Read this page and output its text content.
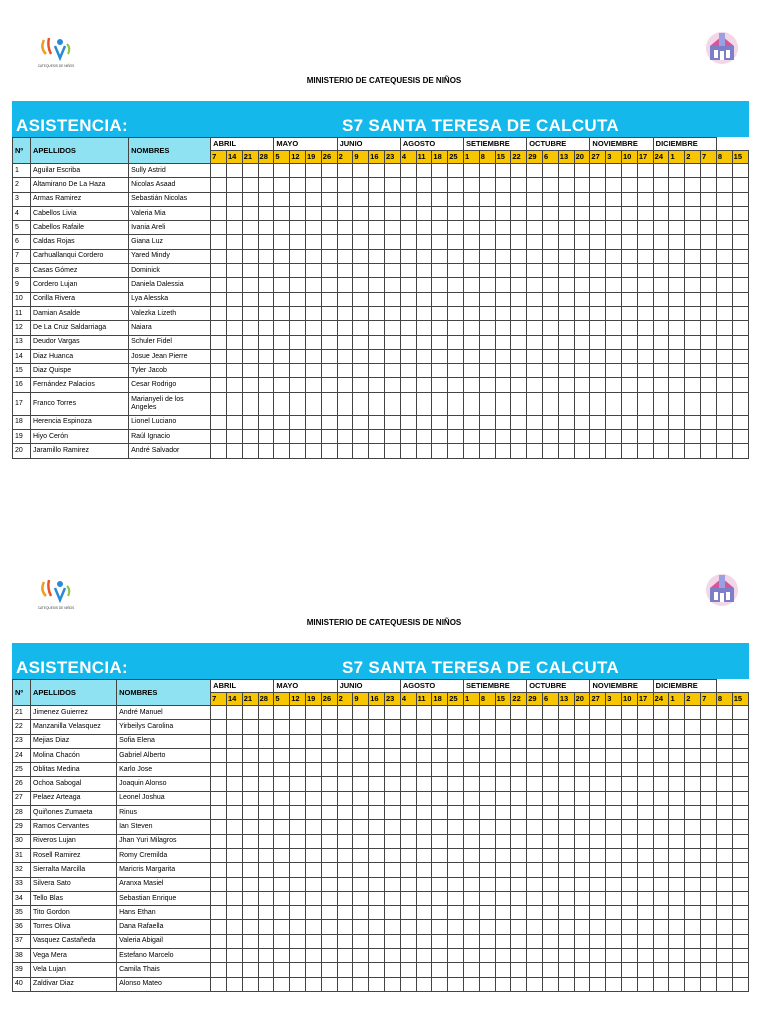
CATEQUESIS DE NIÑOS
MINISTERIO DE CATEQUESIS DE NIÑOS
ASISTENCIA:	S7 SANTA TERESA DE CALCUTA
Nº	APELLIDOS	NOMBRES	ABRIL				MAYO				JUNIO				AGOSTO				SETIEMBRE				OCTUBRE				NOVIEMBRE				DICIEMBRE					
			7	14	21	28	5	12	19	26	2	9	16	23	4	11	18	25	1	8	15	22	29	6	13	20	27	3	10	17	24	1	2	7	8	15
1	Aguilar Escriba	Sully Astrid																																		
2	Altamirano De La Haza	Nicolas Asaad																																		
3	Armas Ramirez	Sebastián Nicolas																																		
4	Cabellos Livia	Valeria Mia																																		
5	Cabellos Rafaile	Ivania Areli																																		
6	Caldas Rojas	Giana Luz																																		
7	Carhuallanqui Cordero	Yared Mindy																																		
8	Casas Gómez	Dominick																																		
9	Cordero Lujan	Daniela Dalessia																																		
10	Corilla Rivera	Lya Alesska																																		
11	Damian Asalde	Valezka Lizeth																																		
12	De La Cruz Saldarriaga	Naiara																																		
13	Deudor Vargas	Schuler Fidel																																		
14	Diaz Huanca	Josue Jean Pierre																																		
15	Diaz Quispe	Tyler Jacob																																		
16	Fernández Palacios	Cesar Rodrigo																																		
17	Franco Torres	Marianyeli de los Angeles																																		
18	Herencia Espinoza	Lionel Luciano																																		
19	Hiyo Cerón	Raúl Ignacio																																		
20	Jaramillo Ramirez	André Salvador																																		
CATEQUESIS DE NIÑOS
MINISTERIO DE CATEQUESIS DE NIÑOS
ASISTENCIA:	S7 SANTA TERESA DE CALCUTA
Nº	APELLIDOS	NOMBRES	ABRIL				MAYO				JUNIO				AGOSTO				SETIEMBRE				OCTUBRE				NOVIEMBRE				DICIEMBRE					
			7	14	21	28	5	12	19	26	2	9	16	23	4	11	18	25	1	8	15	22	29	6	13	20	27	3	10	17	24	1	2	7	8	15
21	Jimenez Guierrez	André Manuel																																		
22	Manzanilla Velasquez	Yirbeilys Carolina																																		
23	Mejias Diaz	Sofia Elena																																		
24	Molina Chacón	Gabriel Alberto																																		
25	Oblitas Medina	Karlo Jose																																		
26	Ochoa Sabogal	Joaquin Alonso																																		
27	Pelaez Arteaga	Leonel Joshua																																		
28	Quiñones Zumaeta	Rinus																																		
29	Ramos Cervantes	Ian Steven																																		
30	Riveros Lujan	Jhan Yuri Milagros																																		
31	Rosell Ramirez	Romy Cremilda																																		
32	Sierralta Marcilla	Maricris Margarita																																		
33	Silvera Sato	Aranxa Masiel																																		
34	Tello Blas	Sebastian Enrique																																		
35	Tito Gordon	Hans Ethan																																		
36	Torres Oliva	Dana Rafaella																																		
37	Vasquez Castañeda	Valeria Abigail																																		
38	Vega Mera	Estefano Marcelo																																		
39	Vela Lujan	Camila Thais																																		
40	Zaldivar Diaz	Alonso Mateo																																		
